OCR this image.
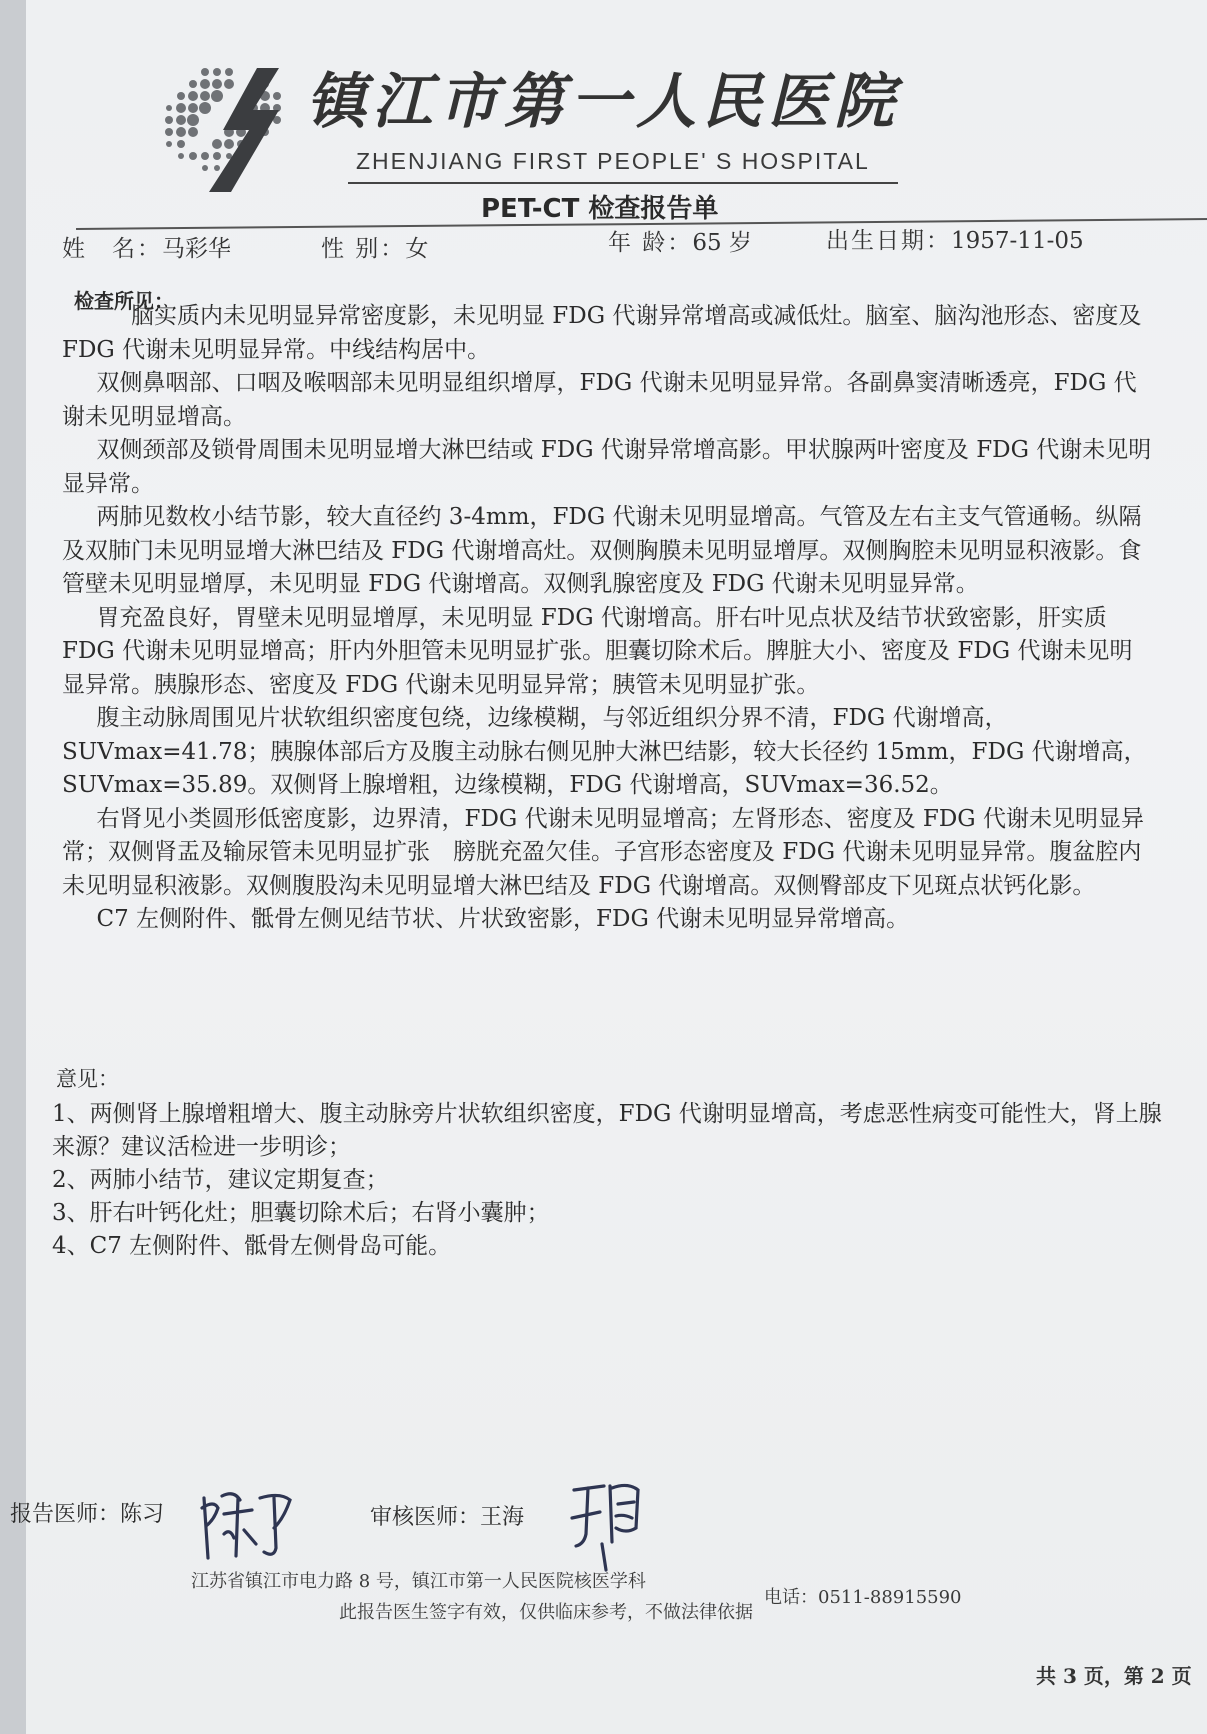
镇江市第一人民医院
ZHENJIANG FIRST PEOPLE' S HOSPITAL
PET-CT 检查报告单
姓　名：马彩华	性 别：女	年 龄：65 岁	出生日期：1957-11-05
检查所见：

脑实质内未见明显异常密度影，未见明显 FDG 代谢异常增高或减低灶。脑室、脑沟池形态、密度及 FDG 代谢未见明显异常。中线结构居中。

双侧鼻咽部、口咽及喉咽部未见明显组织增厚，FDG 代谢未见明显异常。各副鼻窦清晰透亮，FDG 代谢未见明显增高。

双侧颈部及锁骨周围未见明显增大淋巴结或 FDG 代谢异常增高影。甲状腺两叶密度及 FDG 代谢未见明显异常。

两肺见数枚小结节影，较大直径约 3-4mm，FDG 代谢未见明显增高。气管及左右主支气管通畅。纵隔及双肺门未见明显增大淋巴结及 FDG 代谢增高灶。双侧胸膜未见明显增厚。双侧胸腔未见明显积液影。食管壁未见明显增厚，未见明显 FDG 代谢增高。双侧乳腺密度及 FDG 代谢未见明显异常。

胃充盈良好，胃壁未见明显增厚，未见明显 FDG 代谢增高。肝右叶见点状及结节状致密影，肝实质 FDG 代谢未见明显增高；肝内外胆管未见明显扩张。胆囊切除术后。脾脏大小、密度及 FDG 代谢未见明显异常。胰腺形态、密度及 FDG 代谢未见明显异常；胰管未见明显扩张。

腹主动脉周围见片状软组织密度包绕，边缘模糊，与邻近组织分界不清，FDG 代谢增高，SUVmax=41.78；胰腺体部后方及腹主动脉右侧见肿大淋巴结影，较大长径约 15mm，FDG 代谢增高，SUVmax=35.89。双侧肾上腺增粗，边缘模糊，FDG 代谢增高，SUVmax=36.52。

右肾见小类圆形低密度影，边界清，FDG 代谢未见明显增高；左肾形态、密度及 FDG 代谢未见明显异常；双侧肾盂及输尿管未见明显扩张　膀胱充盈欠佳。子宫形态密度及 FDG 代谢未见明显异常。腹盆腔内未见明显积液影。双侧腹股沟未见明显增大淋巴结及 FDG 代谢增高。双侧臀部皮下见斑点状钙化影。

C7 左侧附件、骶骨左侧见结节状、片状致密影，FDG 代谢未见明显异常增高。

意见：
1、两侧肾上腺增粗增大、腹主动脉旁片状软组织密度，FDG 代谢明显增高，考虑恶性病变可能性大，肾上腺来源？建议活检进一步明诊；
2、两肺小结节，建议定期复查；
3、肝右叶钙化灶；胆囊切除术后；右肾小囊肿；
4、C7 左侧附件、骶骨左侧骨岛可能。
报告医师：陈习	审核医师：王海
江苏省镇江市电力路 8 号，镇江市第一人民医院核医学科
电话：0511-88915590
此报告医生签字有效，仅供临床参考，不做法律依据
共 3 页，第 2 页
